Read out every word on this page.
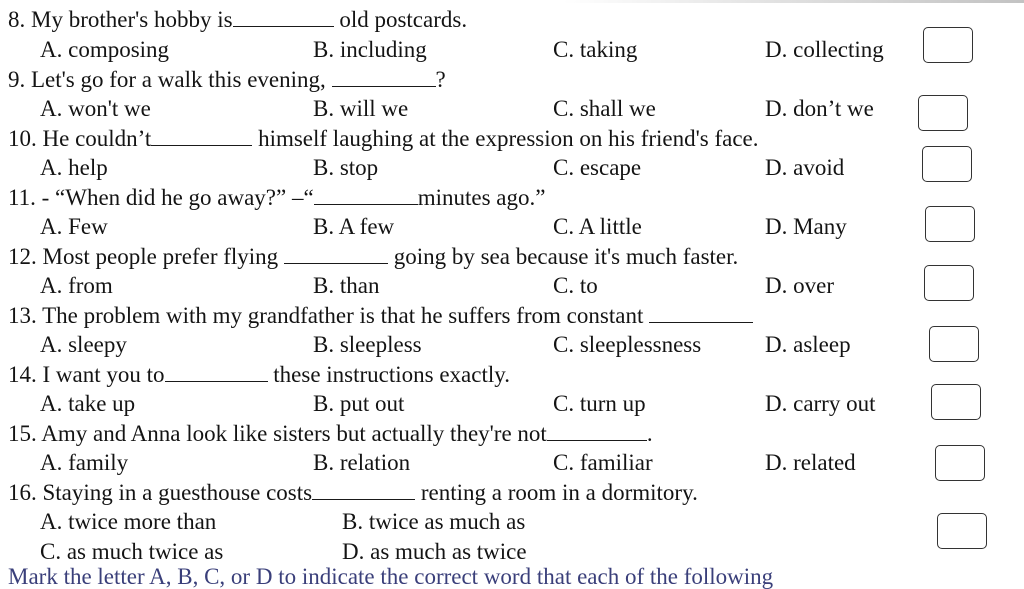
8. My brother's hobby is	old postcards.
A. composing	B. including	C. taking	D. collecting
9. Let's go for a walk this evening,	?
A. won't we	B. will we	C. shall we	D. don’t we
10. He couldn’t	himself laughing at the expression on his friend's face.
A. help	B. stop	C. escape	D. avoid
11. - “When did he go away?” –“	minutes ago.”
A. Few	B. A few	C. A little	D. Many
12. Most people prefer flying	going by sea because it's much faster.
A. from	B. than	C. to	D. over
13. The problem with my grandfather is that he suffers from constant
A. sleepy	B. sleepless	C. sleeplessness	D. asleep
14. I want you to	these instructions exactly.
A. take up	B. put out	C. turn up	D. carry out
15. Amy and Anna look like sisters but actually they're not	.
A. family	B. relation	C. familiar	D. related
16. Staying in a guesthouse costs	renting a room in a dormitory.
A. twice more than	B. twice as much as
C. as much twice as	D. as much as twice
Mark the letter A, B, C, or D to indicate the correct word that each of the following
